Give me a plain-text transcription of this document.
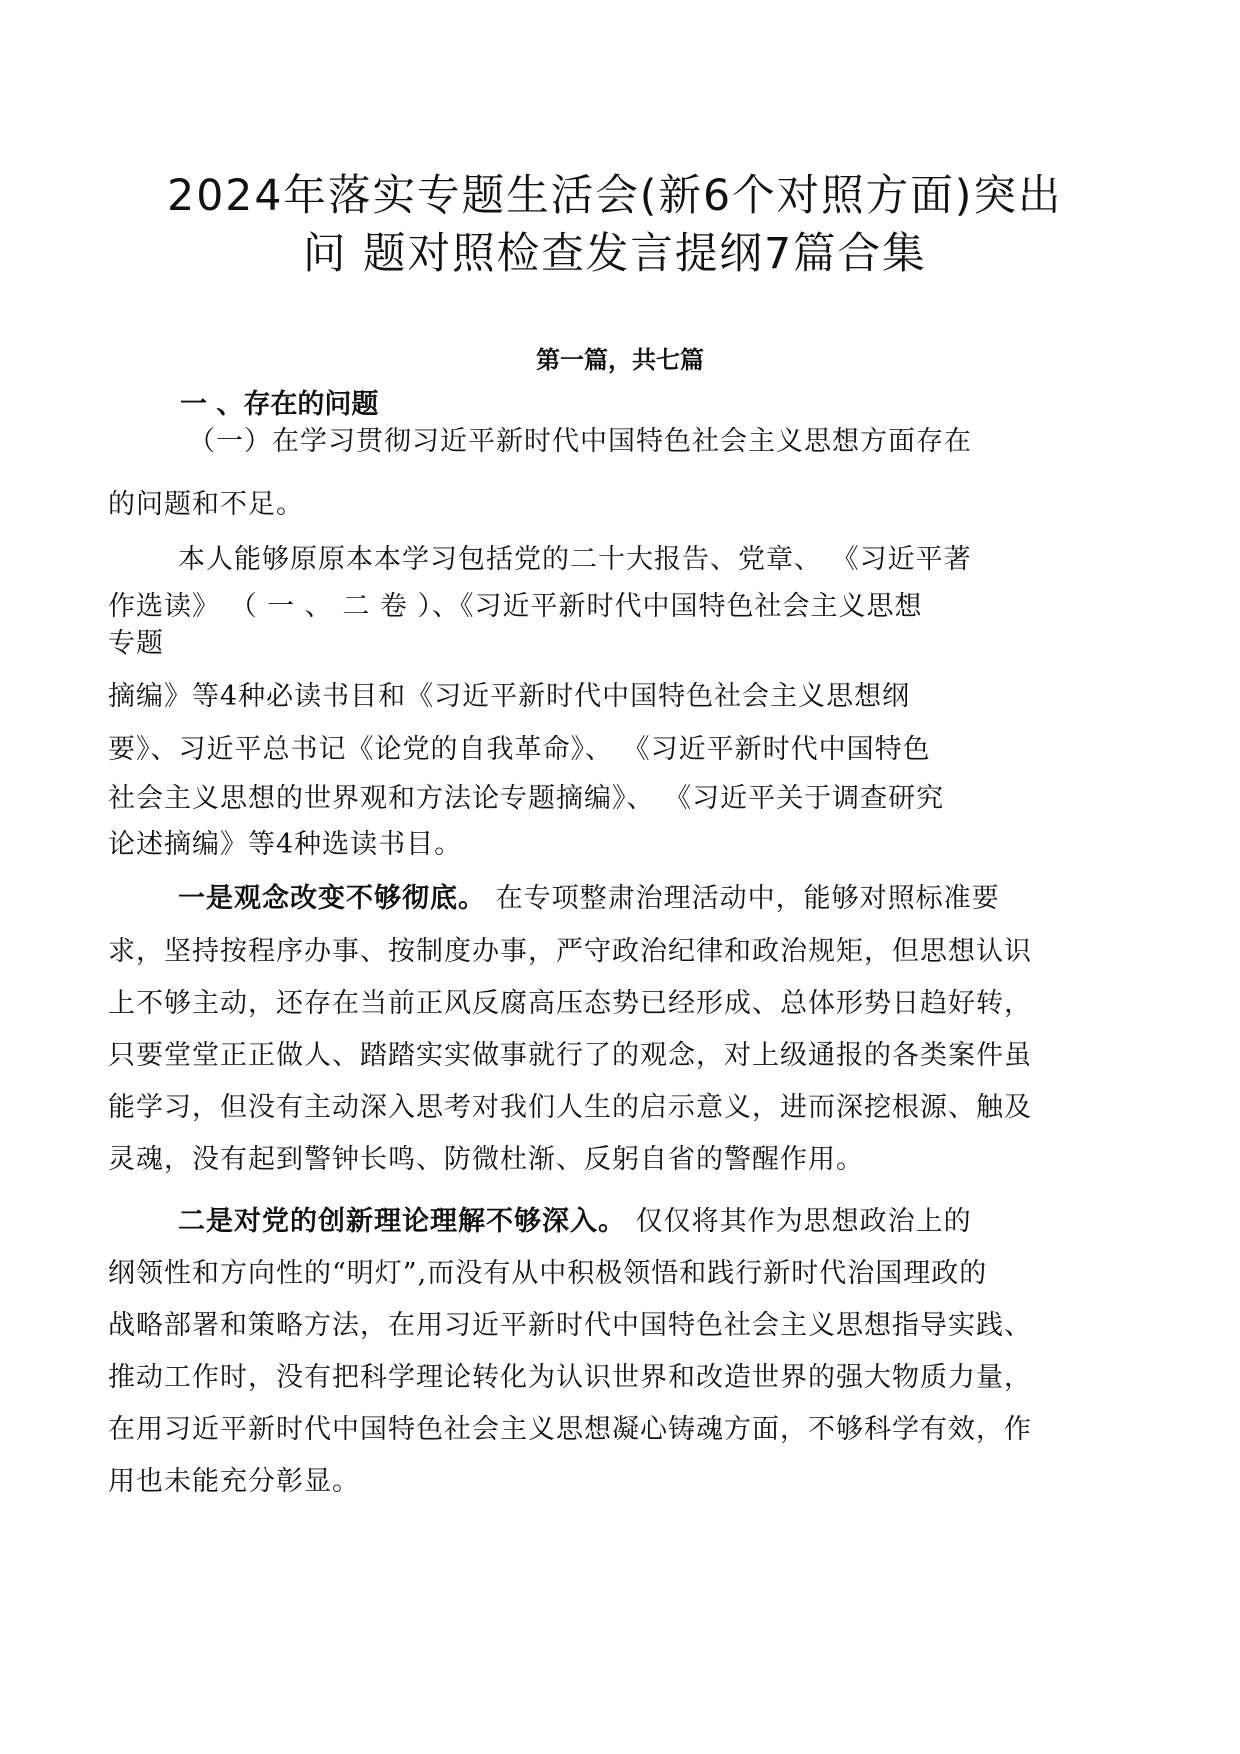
2024年落实专题生活会(新6个对照方面)突出
问 题对照检查发言提纲7篇合集
第一篇，共七篇
一 、存在的问题
（一）在学习贯彻习近平新时代中国特色社会主义思想方面存在
的问题和不足。
本人能够原原本本学习包括党的二十大报告、党章、 《习近平著
作选读》 （ 一 、 二 卷 ）、《习近平新时代中国特色社会主义思想
专题
摘编》等4种必读书目和《习近平新时代中国特色社会主义思想纲
要》、习近平总书记《论党的自我革命》、 《习近平新时代中国特色
社会主义思想的世界观和方法论专题摘编》、 《习近平关于调查研究
论述摘编》等4种选读书目。
一是观念改变不够彻底。 在专项整肃治理活动中，能够对照标准要
求，坚持按程序办事、按制度办事，严守政治纪律和政治规矩，但思想认识
上不够主动，还存在当前正风反腐高压态势已经形成、总体形势日趋好转，
只要堂堂正正做人、踏踏实实做事就行了的观念，对上级通报的各类案件虽
能学习，但没有主动深入思考对我们人生的启示意义，进而深挖根源、触及
灵魂，没有起到警钟长鸣、防微杜渐、反躬自省的警醒作用。
二是对党的创新理论理解不够深入。 仅仅将其作为思想政治上的
纲领性和方向性的“明灯”,而没有从中积极领悟和践行新时代治国理政的
战略部署和策略方法，在用习近平新时代中国特色社会主义思想指导实践、
推动工作时，没有把科学理论转化为认识世界和改造世界的强大物质力量，
在用习近平新时代中国特色社会主义思想凝心铸魂方面，不够科学有效，作
用也未能充分彰显。
